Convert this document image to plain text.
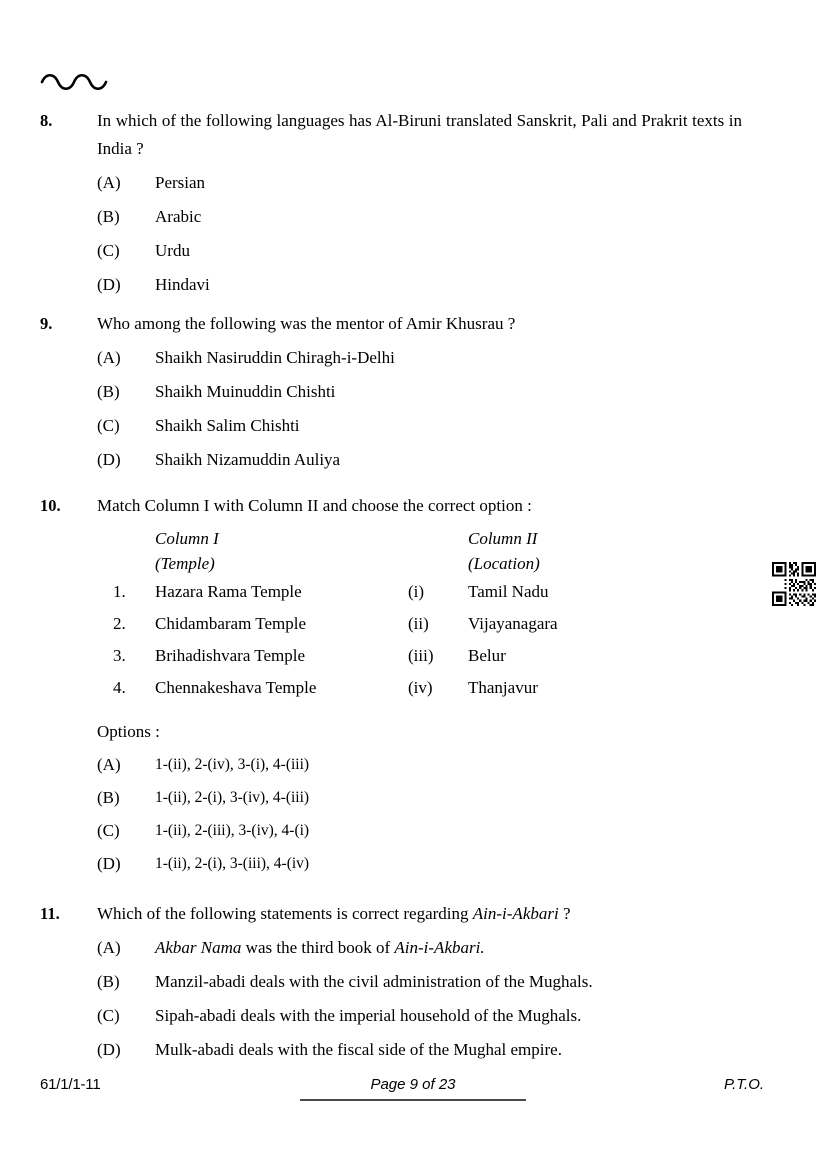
8.	In which of the following languages has Al-Biruni translated Sanskrit, Pali and Prakrit texts in India ?
(A)	Persian
(B)	Arabic
(C)	Urdu
(D)	Hindavi
9.	Who among the following was the mentor of Amir Khusrau ?
(A)	Shaikh Nasiruddin Chiragh-i-Delhi
(B)	Shaikh Muinuddin Chishti
(C)	Shaikh Salim Chishti
(D)	Shaikh Nizamuddin Auliya
10.	Match Column I with Column II and choose the correct option :
Column I
(Temple)
Column II
(Location)
1.	Hazara Rama Temple	(i)	Tamil Nadu
2.	Chidambaram Temple	(ii)	Vijayanagara
3.	Brihadishvara Temple	(iii)	Belur
4.	Chennakeshava Temple	(iv)	Thanjavur
Options :
(A)	1-(ii), 2-(iv), 3-(i), 4-(iii)
(B)	1-(ii), 2-(i), 3-(iv), 4-(iii)
(C)	1-(ii), 2-(iii), 3-(iv), 4-(i)
(D)	1-(ii), 2-(i), 3-(iii), 4-(iv)
11.	Which of the following statements is correct regarding Ain-i-Akbari ?
(A)	Akbar Nama was the third book of Ain-i-Akbari.
(B)	Manzil-abadi deals with the civil administration of the Mughals.
(C)	Sipah-abadi deals with the imperial household of the Mughals.
(D)	Mulk-abadi deals with the fiscal side of the Mughal empire.
61/1/1-11	Page 9 of 23	P.T.O.
